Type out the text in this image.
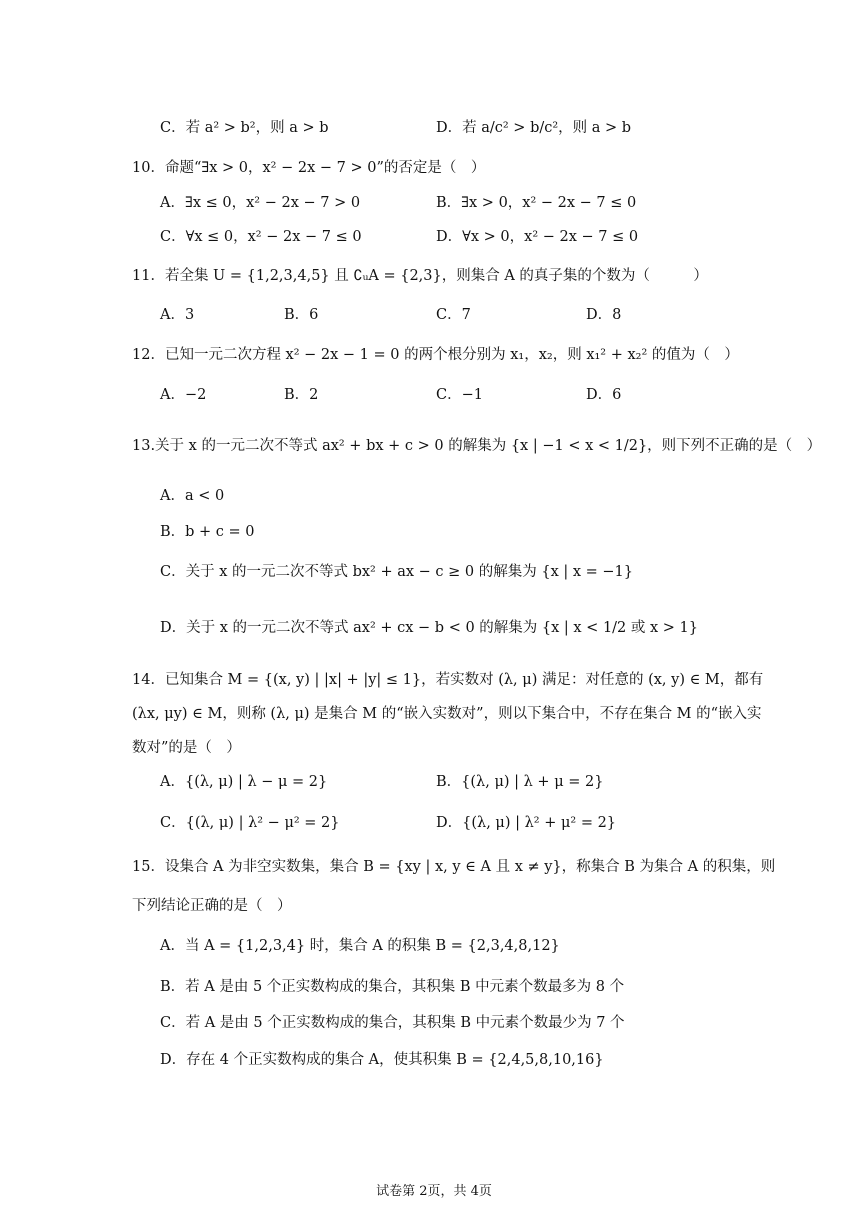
C．若 a² > b²，则 a > b	D．若 a/c² > b/c²，则 a > b
10．命题“∃x > 0，x² − 2x − 7 > 0”的否定是（　）
A．∃x ≤ 0，x² − 2x − 7 > 0	B．∃x > 0，x² − 2x − 7 ≤ 0
C．∀x ≤ 0，x² − 2x − 7 ≤ 0	D．∀x > 0，x² − 2x − 7 ≤ 0
11．若全集 U = {1,2,3,4,5} 且 ∁ᵤA = {2,3}，则集合 A 的真子集的个数为（　　　）
A．3	B．6	C．7	D．8
12．已知一元二次方程 x² − 2x − 1 = 0 的两个根分别为 x₁，x₂，则 x₁² + x₂² 的值为（　）
A．−2	B．2	C．−1	D．6
13.关于 x 的一元二次不等式 ax² + bx + c > 0 的解集为 {x | −1 < x < 1/2}，则下列不正确的是（　）
A．a < 0
B．b + c = 0
C．关于 x 的一元二次不等式 bx² + ax − c ≥ 0 的解集为 {x | x = −1}
D．关于 x 的一元二次不等式 ax² + cx − b < 0 的解集为 {x | x < 1/2 或 x > 1}
14．已知集合 M = {(x, y) | |x| + |y| ≤ 1}，若实数对 (λ, μ) 满足：对任意的 (x, y) ∈ M，都有
(λx, μy) ∈ M，则称 (λ, μ) 是集合 M 的“嵌入实数对”，则以下集合中，不存在集合 M 的“嵌入实
数对”的是（　）
A．{(λ, μ) | λ − μ = 2}	B．{(λ, μ) | λ + μ = 2}
C．{(λ, μ) | λ² − μ² = 2}	D．{(λ, μ) | λ² + μ² = 2}
15．设集合 A 为非空实数集，集合 B = {xy | x, y ∈ A 且 x ≠ y}，称集合 B 为集合 A 的积集，则
下列结论正确的是（　）
A．当 A = {1,2,3,4} 时，集合 A 的积集 B = {2,3,4,8,12}
B．若 A 是由 5 个正实数构成的集合，其积集 B 中元素个数最多为 8 个
C．若 A 是由 5 个正实数构成的集合，其积集 B 中元素个数最少为 7 个
D．存在 4 个正实数构成的集合 A，使其积集 B = {2,4,5,8,10,16}
试卷第 2页，共 4页
